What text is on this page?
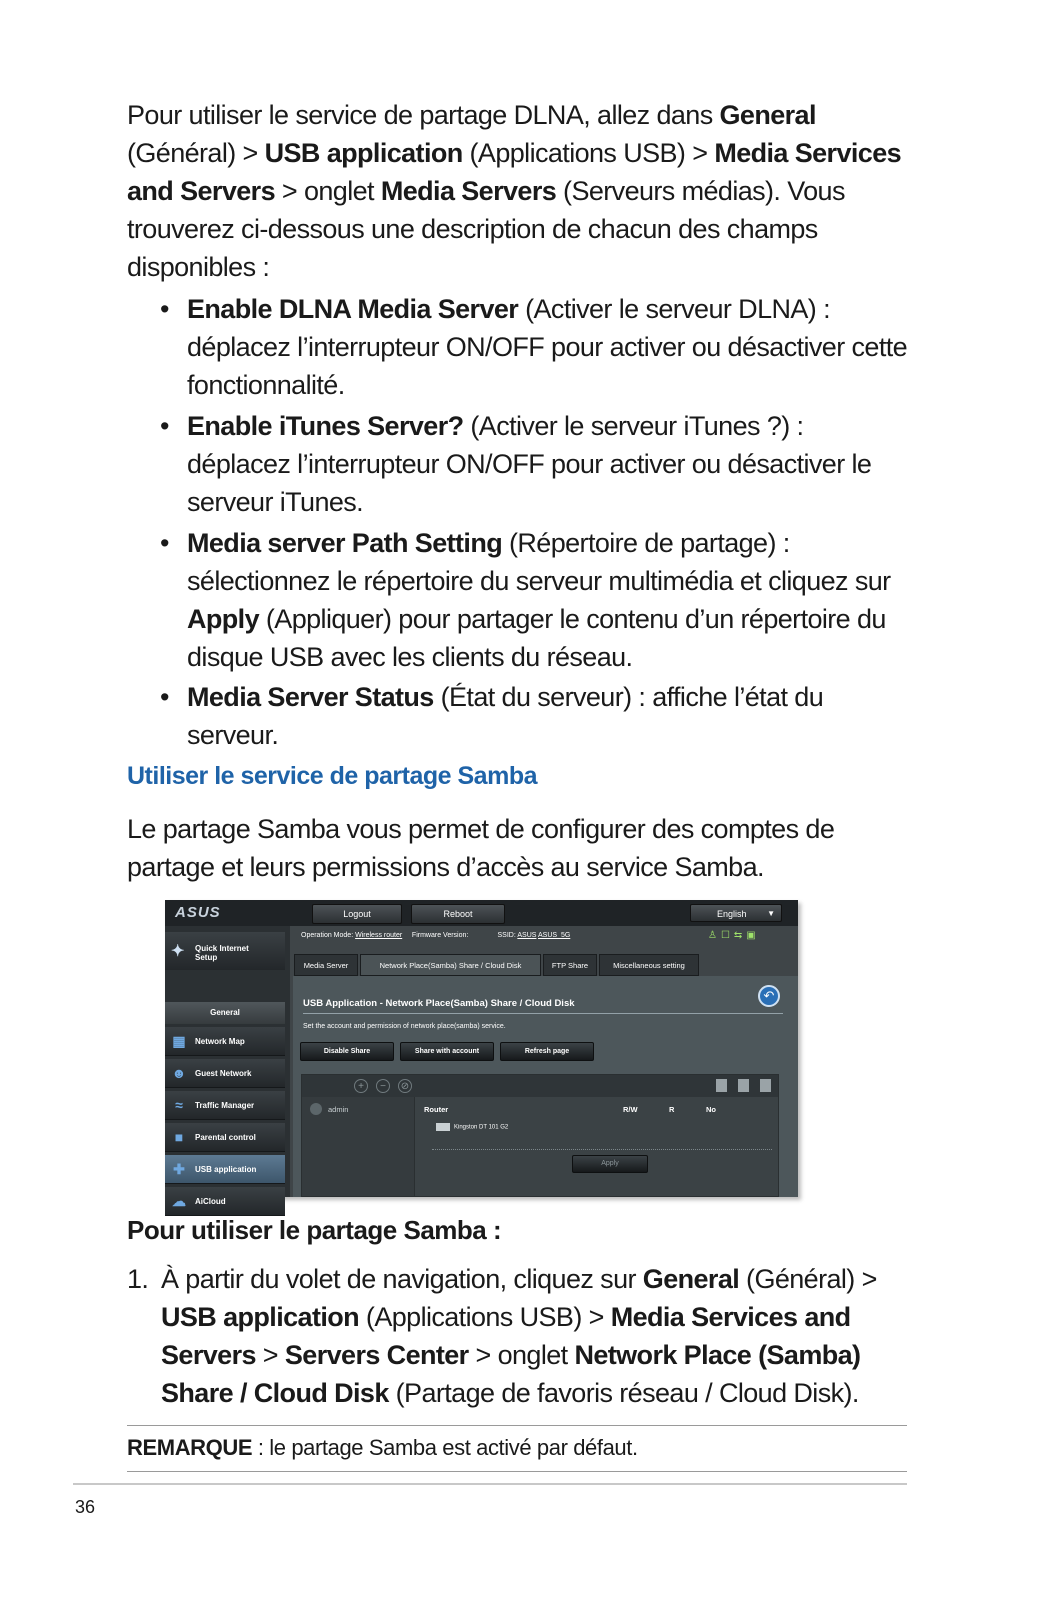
Pour utiliser le service de partage DLNA, allez dans General (Général) > USB application (Applications USB) > Media Services and Servers > onglet Media Servers (Serveurs médias). Vous trouverez ci-dessous une description de chacun des champs disponibles :
• Enable DLNA Media Server (Activer le serveur DLNA) : déplacez l’interrupteur ON/OFF pour activer ou désactiver cette fonctionnalité.
• Enable iTunes Server? (Activer le serveur iTunes ?) : déplacez l’interrupteur ON/OFF pour activer ou désactiver le serveur iTunes.
• Media server Path Setting (Répertoire de partage) : sélectionnez le répertoire du serveur multimédia et cliquez sur Apply (Appliquer) pour partager le contenu d’un répertoire du disque USB avec les clients du réseau.
• Media Server Status (État du serveur) : affiche l’état du serveur.
Utiliser le service de partage Samba
Le partage Samba vous permet de configurer des comptes de partage et leurs permissions d’accès au service Samba.
ASUS	Logout	Reboot	English	▼
✦ Quick Internet Setup
General
▦ Network Map
☻ Guest Network
≈	Traffic Manager
■	Parental control
✚	USB application
☁ AiCloud
Operation Mode: Wireless router Firmware Version:	SSID: ASUS ASUS_5G	♙☐⇆▣
Media Server	Network Place(Samba) Share / Cloud Disk	FTP Share	Miscellaneous setting
USB Application - Network Place(Samba) Share / Cloud Disk
↶
Set the account and permission of network place(samba) service.
Disable Share	Share with account	Refresh page
+	−	⊘
admin	Router	R/W	R	No
Kingston DT 101 G2
Apply
Pour utiliser le partage Samba :
1. À partir du volet de navigation, cliquez sur General (Général) > USB application (Applications USB) > Media Services and Servers > Servers Center > onglet Network Place (Samba) Share / Cloud Disk (Partage de favoris réseau / Cloud Disk).
REMARQUE : le partage Samba est activé par défaut.
36
